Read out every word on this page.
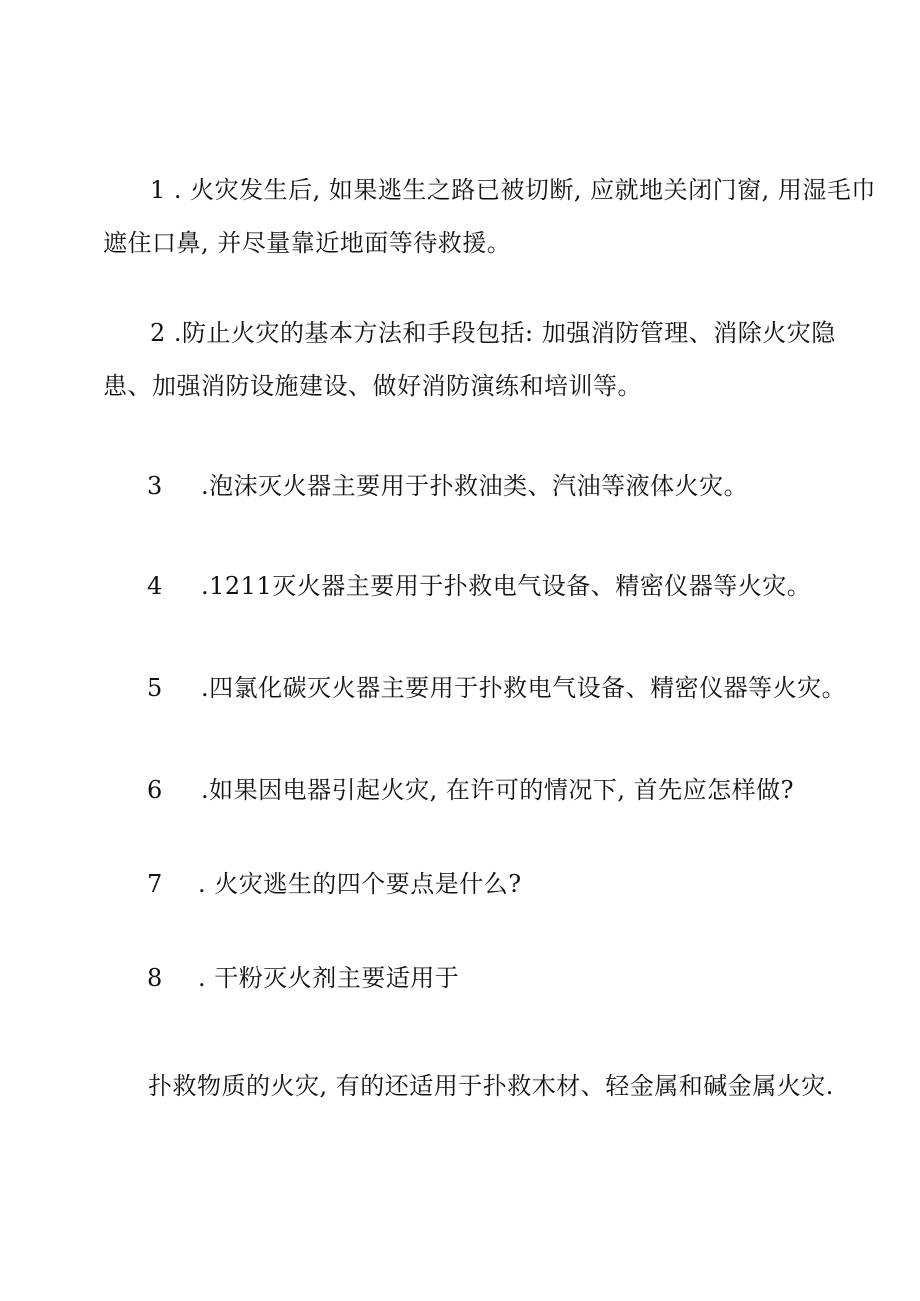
1 . 火灾发生后, 如果逃生之路已被切断, 应就地关闭门窗, 用湿毛巾
遮住口鼻, 并尽量靠近地面等待救援。
2 .防止火灾的基本方法和手段包括: 加强消防管理、消除火灾隐
患、加强消防设施建设、做好消防演练和培训等。
3 .泡沫灭火器主要用于扑救油类、汽油等液体火灾。
4 .1211灭火器主要用于扑救电气设备、精密仪器等火灾。
5 .四氯化碳灭火器主要用于扑救电气设备、精密仪器等火灾。
6 .如果因电器引起火灾, 在许可的情况下, 首先应怎样做?
7 . 火灾逃生的四个要点是什么?
8 . 干粉灭火剂主要适用于
扑救物质的火灾, 有的还适用于扑救木材、轻金属和碱金属火灾.
